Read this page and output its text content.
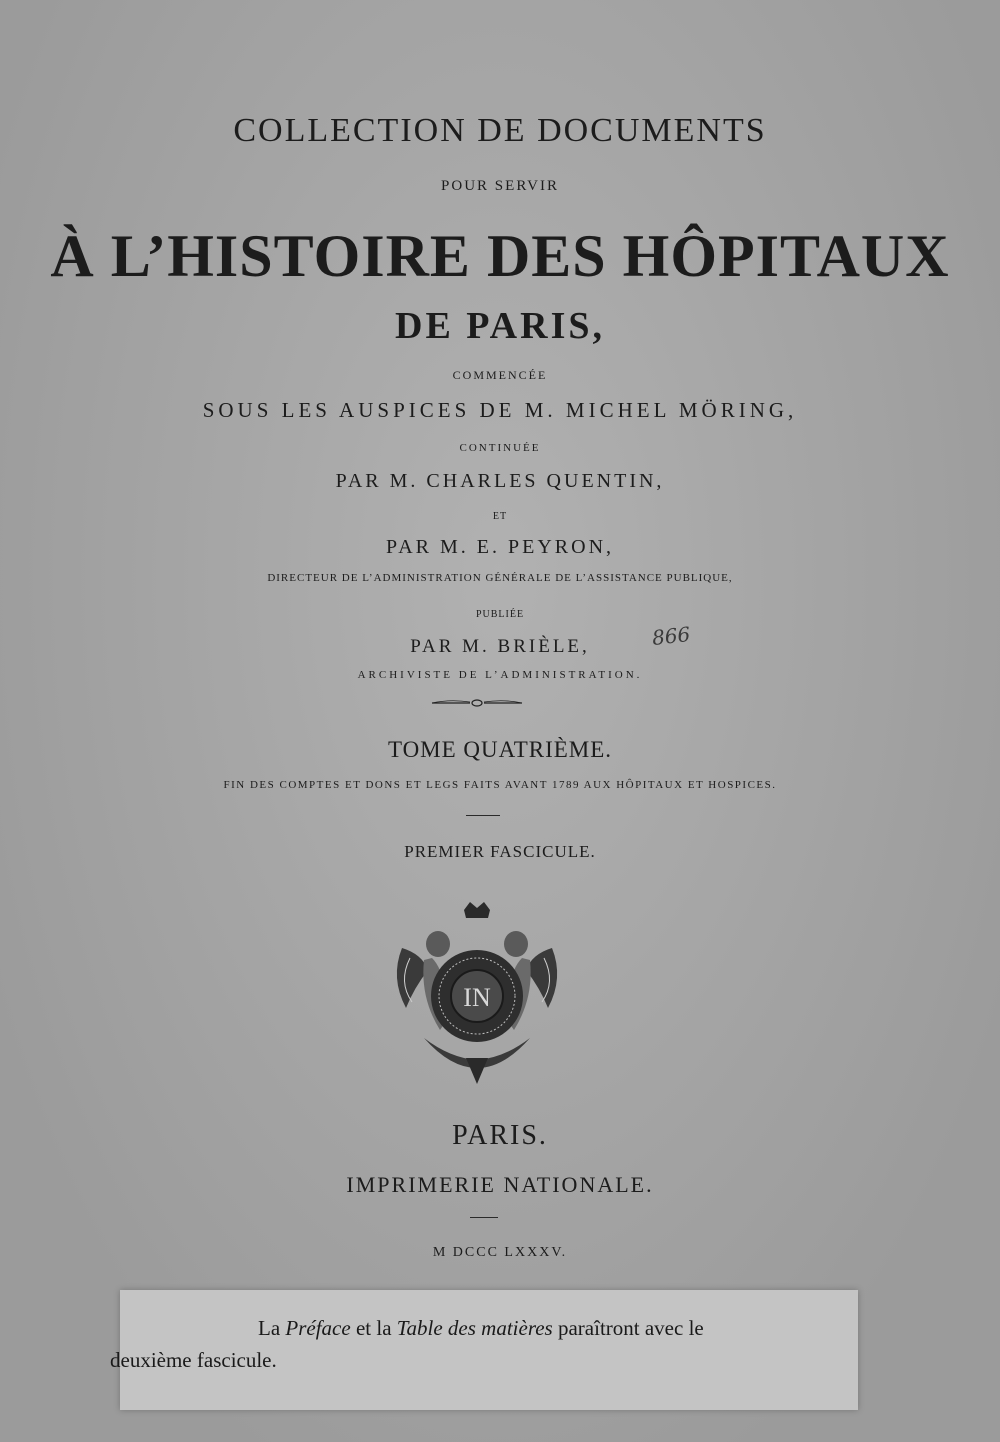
COLLECTION DE DOCUMENTS
POUR SERVIR
À L’HISTOIRE DES HÔPITAUX
DE PARIS,
COMMENCÉE
SOUS LES AUSPICES DE M. MICHEL MÖRING,
CONTINUÉE
PAR M. CHARLES QUENTIN,
ET
PAR M. E. PEYRON,
DIRECTEUR DE L’ADMINISTRATION GÉNÉRALE DE L’ASSISTANCE PUBLIQUE,
PUBLIÉE
PAR M. BRIÈLE,
ARCHIVISTE DE L’ADMINISTRATION.
866
TOME QUATRIÈME.
FIN DES COMPTES ET DONS ET LEGS FAITS AVANT 1789 AUX HÔPITAUX ET HOSPICES.
PREMIER FASCICULE.
IN
PARIS.
IMPRIMERIE NATIONALE.
M DCCC LXXXV.
La Préface et la Table des matières paraîtront avec le deuxième fascicule.
